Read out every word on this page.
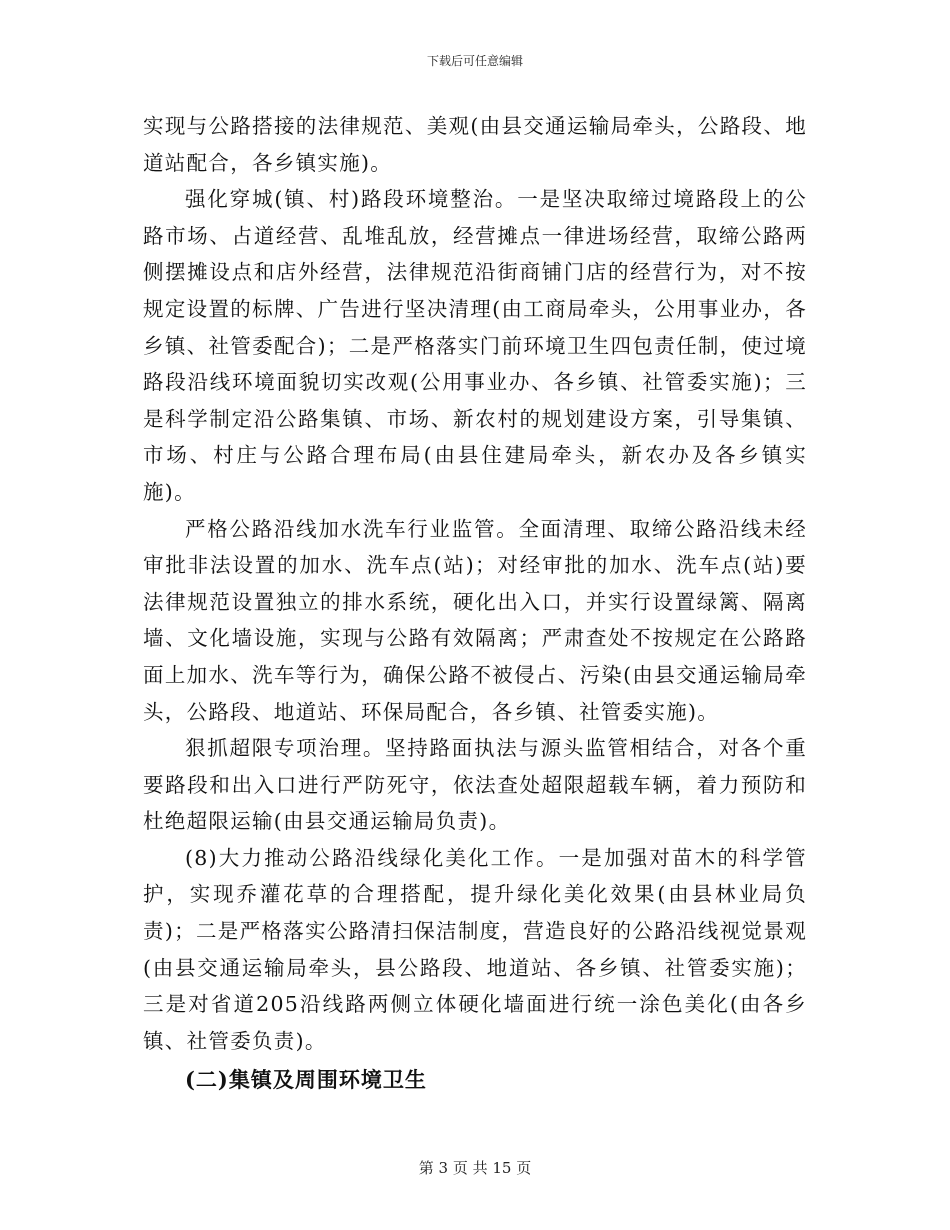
下载后可任意编辑

实现与公路搭接的法律规范、美观(由县交通运输局牵头，公路段、地道站配合，各乡镇实施)。

强化穿城(镇、村)路段环境整治。一是坚决取缔过境路段上的公路市场、占道经营、乱堆乱放，经营摊点一律进场经营，取缔公路两侧摆摊设点和店外经营，法律规范沿街商铺门店的经营行为，对不按规定设置的标牌、广告进行坚决清理(由工商局牵头，公用事业办，各乡镇、社管委配合)；二是严格落实门前环境卫生四包责任制，使过境路段沿线环境面貌切实改观(公用事业办、各乡镇、社管委实施)；三是科学制定沿公路集镇、市场、新农村的规划建设方案，引导集镇、市场、村庄与公路合理布局(由县住建局牵头，新农办及各乡镇实施)。

严格公路沿线加水洗车行业监管。全面清理、取缔公路沿线未经审批非法设置的加水、洗车点(站)；对经审批的加水、洗车点(站)要法律规范设置独立的排水系统，硬化出入口，并实行设置绿篱、隔离墙、文化墙设施，实现与公路有效隔离；严肃查处不按规定在公路路面上加水、洗车等行为，确保公路不被侵占、污染(由县交通运输局牵头，公路段、地道站、环保局配合，各乡镇、社管委实施)。

狠抓超限专项治理。坚持路面执法与源头监管相结合，对各个重要路段和出入口进行严防死守，依法查处超限超载车辆，着力预防和杜绝超限运输(由县交通运输局负责)。

(8)大力推动公路沿线绿化美化工作。一是加强对苗木的科学管护，实现乔灌花草的合理搭配，提升绿化美化效果(由县林业局负责)；二是严格落实公路清扫保洁制度，营造良好的公路沿线视觉景观(由县交通运输局牵头，县公路段、地道站、各乡镇、社管委实施)；三是对省道205沿线路两侧立体硬化墙面进行统一涂色美化(由各乡镇、社管委负责)。

(二)集镇及周围环境卫生

第 3 页 共 15 页
